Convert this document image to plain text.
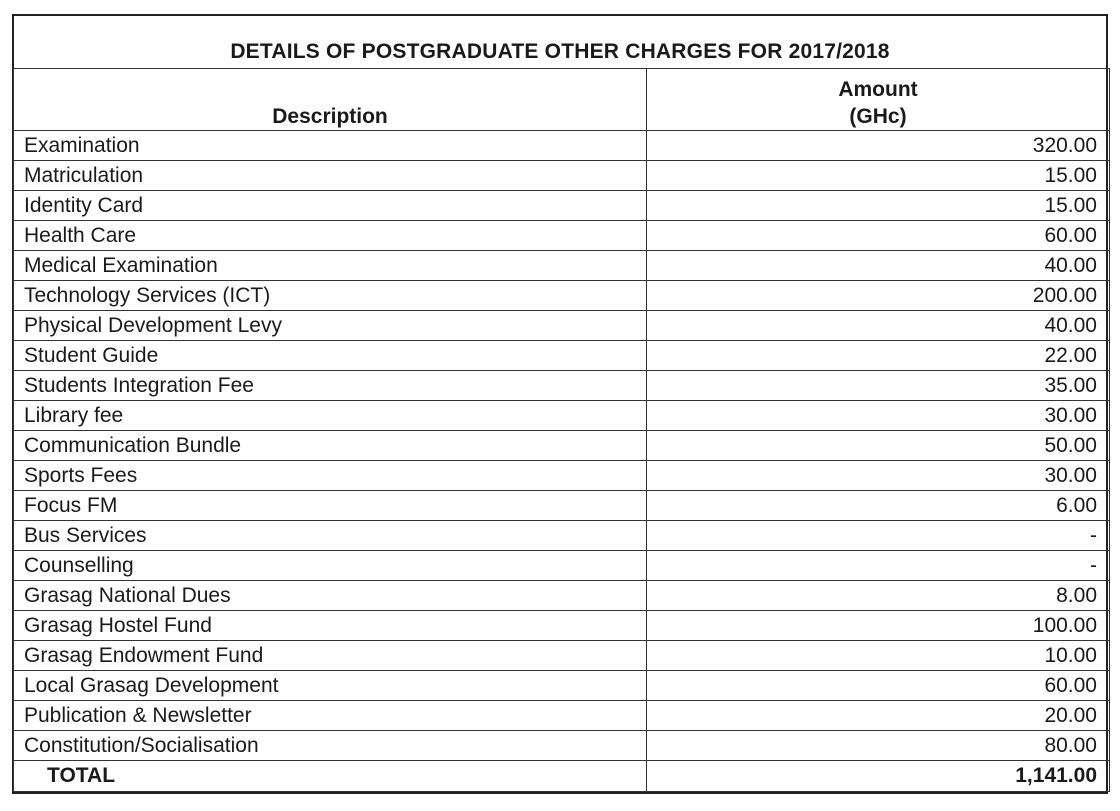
DETAILS OF POSTGRADUATE OTHER CHARGES FOR 2017/2018
Description	Amount
(GHc)

Examination	320.00
Matriculation	15.00
Identity Card	15.00
Health Care	60.00
Medical Examination	40.00
Technology Services (ICT)	200.00
Physical Development Levy	40.00
Student Guide	22.00
Students Integration Fee	35.00
Library fee	30.00
Communication Bundle	50.00
Sports Fees	30.00
Focus FM	6.00
Bus Services	-
Counselling	-
Grasag National Dues	8.00
Grasag Hostel Fund	100.00
Grasag Endowment Fund	10.00
Local Grasag Development	60.00
Publication & Newsletter	20.00
Constitution/Socialisation	80.00
TOTAL	1,141.00
